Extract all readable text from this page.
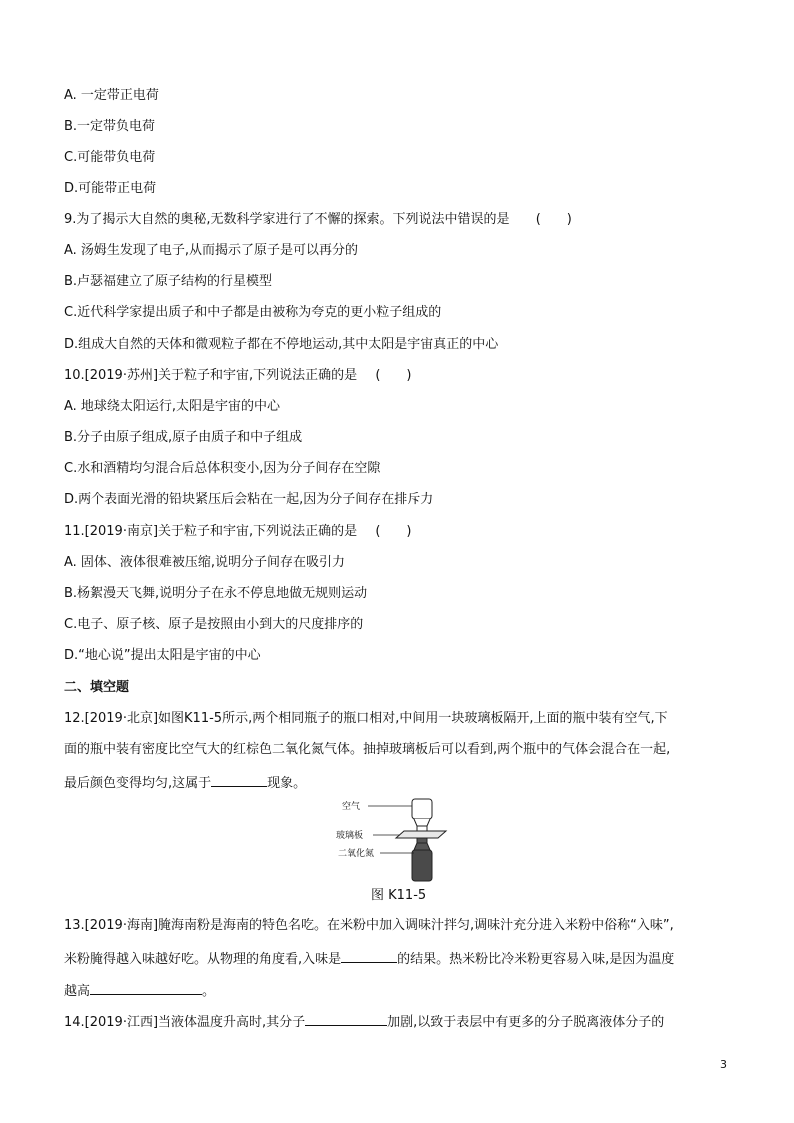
A. 一定带正电荷
B.一定带负电荷
C.可能带负电荷
D.可能带正电荷
9.为了揭示大自然的奥秘,无数科学家进行了不懈的探索。下列说法中错误的是 (　　)
A. 汤姆生发现了电子,从而揭示了原子是可以再分的
B.卢瑟福建立了原子结构的行星模型
C.近代科学家提出质子和中子都是由被称为夸克的更小粒子组成的
D.组成大自然的天体和微观粒子都在不停地运动,其中太阳是宇宙真正的中心
10.[2019·苏州]关于粒子和宇宙,下列说法正确的是 (　　)
A. 地球绕太阳运行,太阳是宇宙的中心
B.分子由原子组成,原子由质子和中子组成
C.水和酒精均匀混合后总体积变小,因为分子间存在空隙
D.两个表面光滑的铅块紧压后会粘在一起,因为分子间存在排斥力
11.[2019·南京]关于粒子和宇宙,下列说法正确的是 (　　)
A. 固体、液体很难被压缩,说明分子间存在吸引力
B.杨絮漫天飞舞,说明分子在永不停息地做无规则运动
C.电子、原子核、原子是按照由小到大的尺度排序的
D.“地心说”提出太阳是宇宙的中心
二、填空题
12.[2019·北京]如图K11-5所示,两个相同瓶子的瓶口相对,中间用一块玻璃板隔开,上面的瓶中装有空气,下
面的瓶中装有密度比空气大的红棕色二氧化氮气体。抽掉玻璃板后可以看到,两个瓶中的气体会混合在一起,
最后颜色变得均匀,这属于	现象。
空气
玻璃板
二氧化氮
图 K11-5
13.[2019·海南]腌海南粉是海南的特色名吃。在米粉中加入调味汁拌匀,调味汁充分进入米粉中俗称“入味”,
米粉腌得越入味越好吃。从物理的角度看,入味是	的结果。热米粉比冷米粉更容易入味,是因为温度
越高	。
14.[2019·江西]当液体温度升高时,其分子	加剧,以致于表层中有更多的分子脱离液体分子的
3
